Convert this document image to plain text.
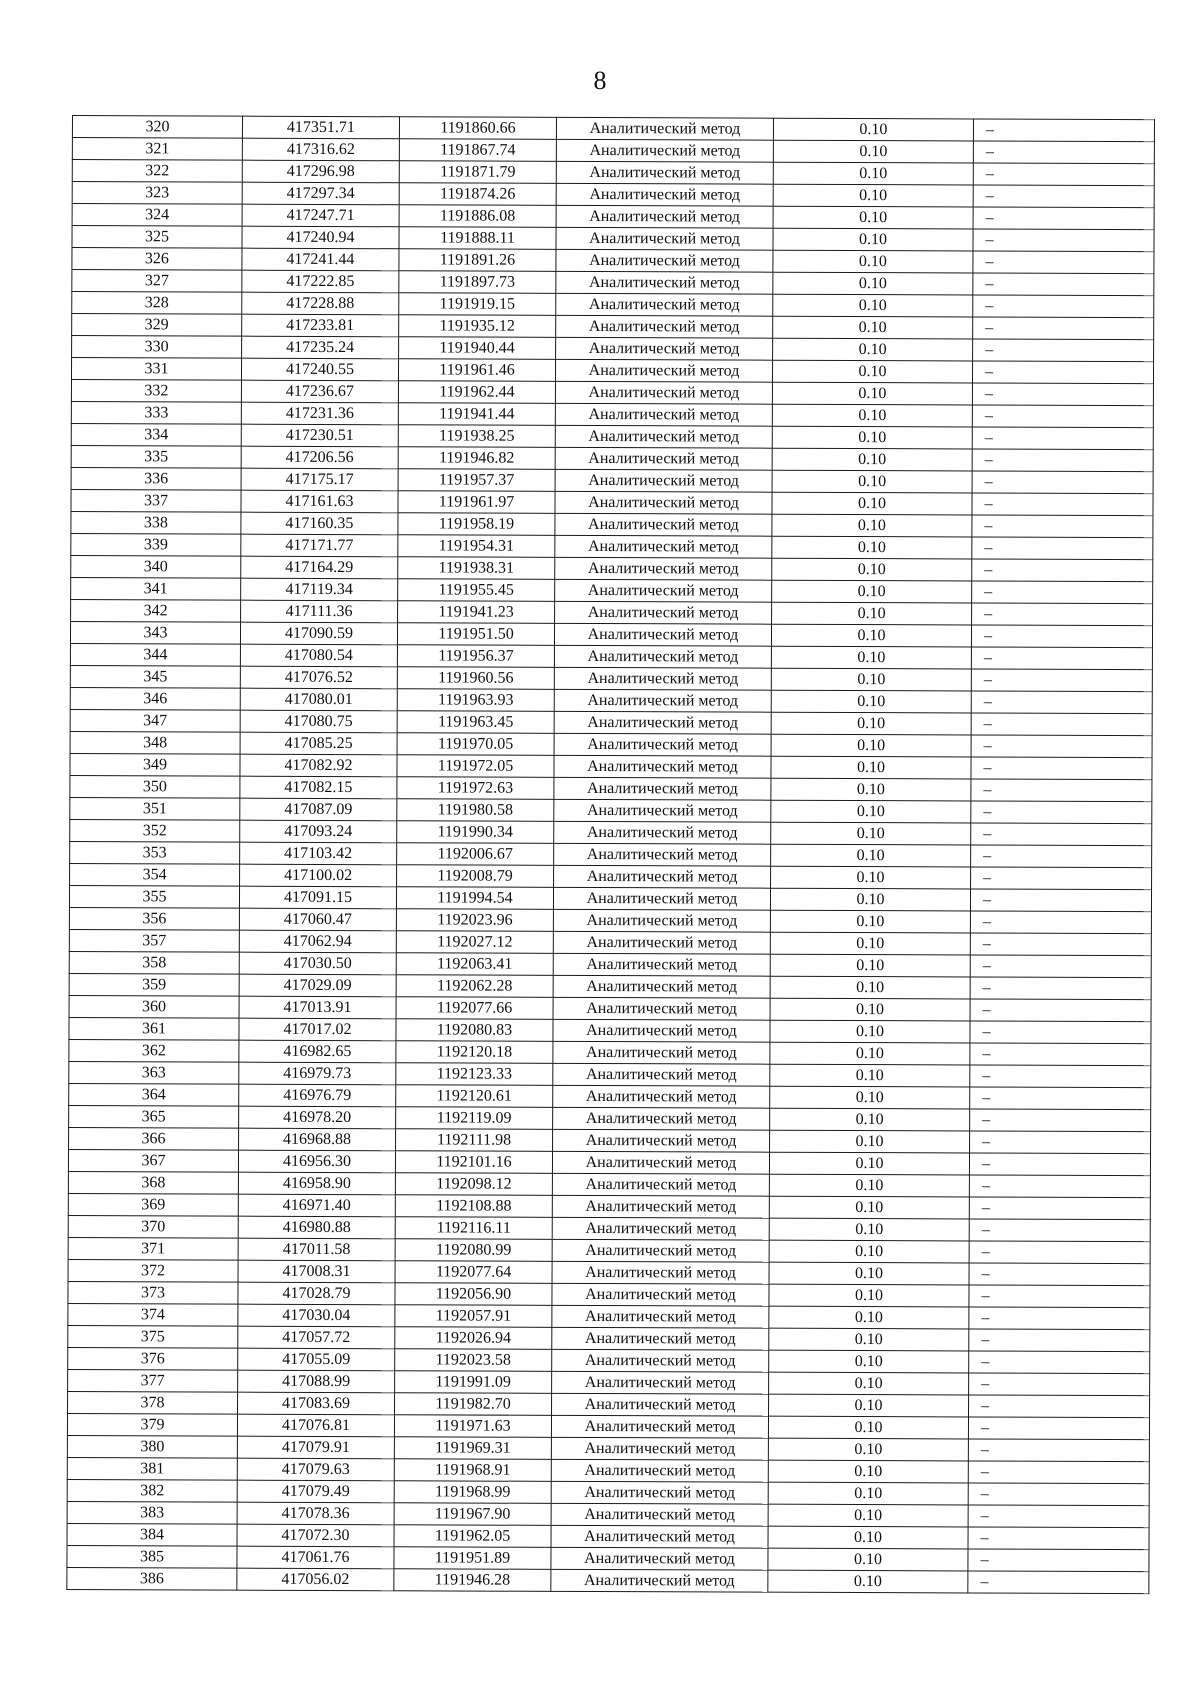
8
320	417351.71	1191860.66	Аналитический метод	0.10	–
321	417316.62	1191867.74	Аналитический метод	0.10	–
322	417296.98	1191871.79	Аналитический метод	0.10	–
323	417297.34	1191874.26	Аналитический метод	0.10	–
324	417247.71	1191886.08	Аналитический метод	0.10	–
325	417240.94	1191888.11	Аналитический метод	0.10	–
326	417241.44	1191891.26	Аналитический метод	0.10	–
327	417222.85	1191897.73	Аналитический метод	0.10	–
328	417228.88	1191919.15	Аналитический метод	0.10	–
329	417233.81	1191935.12	Аналитический метод	0.10	–
330	417235.24	1191940.44	Аналитический метод	0.10	–
331	417240.55	1191961.46	Аналитический метод	0.10	–
332	417236.67	1191962.44	Аналитический метод	0.10	–
333	417231.36	1191941.44	Аналитический метод	0.10	–
334	417230.51	1191938.25	Аналитический метод	0.10	–
335	417206.56	1191946.82	Аналитический метод	0.10	–
336	417175.17	1191957.37	Аналитический метод	0.10	–
337	417161.63	1191961.97	Аналитический метод	0.10	–
338	417160.35	1191958.19	Аналитический метод	0.10	–
339	417171.77	1191954.31	Аналитический метод	0.10	–
340	417164.29	1191938.31	Аналитический метод	0.10	–
341	417119.34	1191955.45	Аналитический метод	0.10	–
342	417111.36	1191941.23	Аналитический метод	0.10	–
343	417090.59	1191951.50	Аналитический метод	0.10	–
344	417080.54	1191956.37	Аналитический метод	0.10	–
345	417076.52	1191960.56	Аналитический метод	0.10	–
346	417080.01	1191963.93	Аналитический метод	0.10	–
347	417080.75	1191963.45	Аналитический метод	0.10	–
348	417085.25	1191970.05	Аналитический метод	0.10	–
349	417082.92	1191972.05	Аналитический метод	0.10	–
350	417082.15	1191972.63	Аналитический метод	0.10	–
351	417087.09	1191980.58	Аналитический метод	0.10	–
352	417093.24	1191990.34	Аналитический метод	0.10	–
353	417103.42	1192006.67	Аналитический метод	0.10	–
354	417100.02	1192008.79	Аналитический метод	0.10	–
355	417091.15	1191994.54	Аналитический метод	0.10	–
356	417060.47	1192023.96	Аналитический метод	0.10	–
357	417062.94	1192027.12	Аналитический метод	0.10	–
358	417030.50	1192063.41	Аналитический метод	0.10	–
359	417029.09	1192062.28	Аналитический метод	0.10	–
360	417013.91	1192077.66	Аналитический метод	0.10	–
361	417017.02	1192080.83	Аналитический метод	0.10	–
362	416982.65	1192120.18	Аналитический метод	0.10	–
363	416979.73	1192123.33	Аналитический метод	0.10	–
364	416976.79	1192120.61	Аналитический метод	0.10	–
365	416978.20	1192119.09	Аналитический метод	0.10	–
366	416968.88	1192111.98	Аналитический метод	0.10	–
367	416956.30	1192101.16	Аналитический метод	0.10	–
368	416958.90	1192098.12	Аналитический метод	0.10	–
369	416971.40	1192108.88	Аналитический метод	0.10	–
370	416980.88	1192116.11	Аналитический метод	0.10	–
371	417011.58	1192080.99	Аналитический метод	0.10	–
372	417008.31	1192077.64	Аналитический метод	0.10	–
373	417028.79	1192056.90	Аналитический метод	0.10	–
374	417030.04	1192057.91	Аналитический метод	0.10	–
375	417057.72	1192026.94	Аналитический метод	0.10	–
376	417055.09	1192023.58	Аналитический метод	0.10	–
377	417088.99	1191991.09	Аналитический метод	0.10	–
378	417083.69	1191982.70	Аналитический метод	0.10	–
379	417076.81	1191971.63	Аналитический метод	0.10	–
380	417079.91	1191969.31	Аналитический метод	0.10	–
381	417079.63	1191968.91	Аналитический метод	0.10	–
382	417079.49	1191968.99	Аналитический метод	0.10	–
383	417078.36	1191967.90	Аналитический метод	0.10	–
384	417072.30	1191962.05	Аналитический метод	0.10	–
385	417061.76	1191951.89	Аналитический метод	0.10	–
386	417056.02	1191946.28	Аналитический метод	0.10	–
